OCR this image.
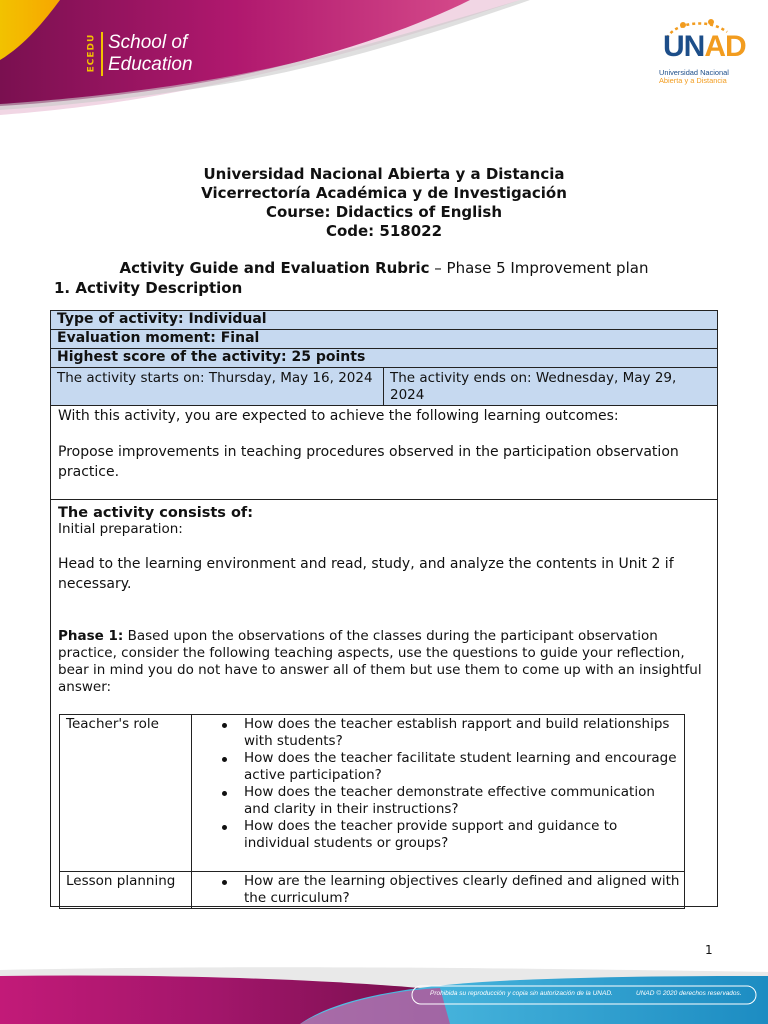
ECEDU School of
Education
UNAD
Universidad Nacional
Abierta y a Distancia
Universidad Nacional Abierta y a Distancia
Vicerrectoría Académica y de Investigación
Course: Didactics of English
Code: 518022
Activity Guide and Evaluation Rubric – Phase 5 Improvement plan
1. Activity Description
Type of activity: Individual
Evaluation moment: Final
Highest score of the activity: 25 points
The activity starts on: Thursday, May 16, 2024	The activity ends on: Wednesday, May 29, 2024
With this activity, you are expected to achieve the following learning outcomes:
Propose improvements in teaching procedures observed in the participation observation practice.
The activity consists of:
Initial preparation:
Head to the learning environment and read, study, and analyze the contents in Unit 2 if necessary.
Phase 1: Based upon the observations of the classes during the participant observation practice, consider the following teaching aspects, use the questions to guide your reflection, bear in mind you do not have to answer all of them but use them to come up with an insightful answer:
Teacher's role	How does the teacher establish rapport and build relationships with students?
How does the teacher facilitate student learning and encourage active participation?
How does the teacher demonstrate effective communication and clarity in their instructions?
How does the teacher provide support and guidance to individual students or groups?
Lesson planning	How are the learning objectives clearly defined and aligned with the curriculum?
1
Prohibida su reproducción y copia sin autorización de la UNAD.	UNAD © 2020 derechos reservados.
